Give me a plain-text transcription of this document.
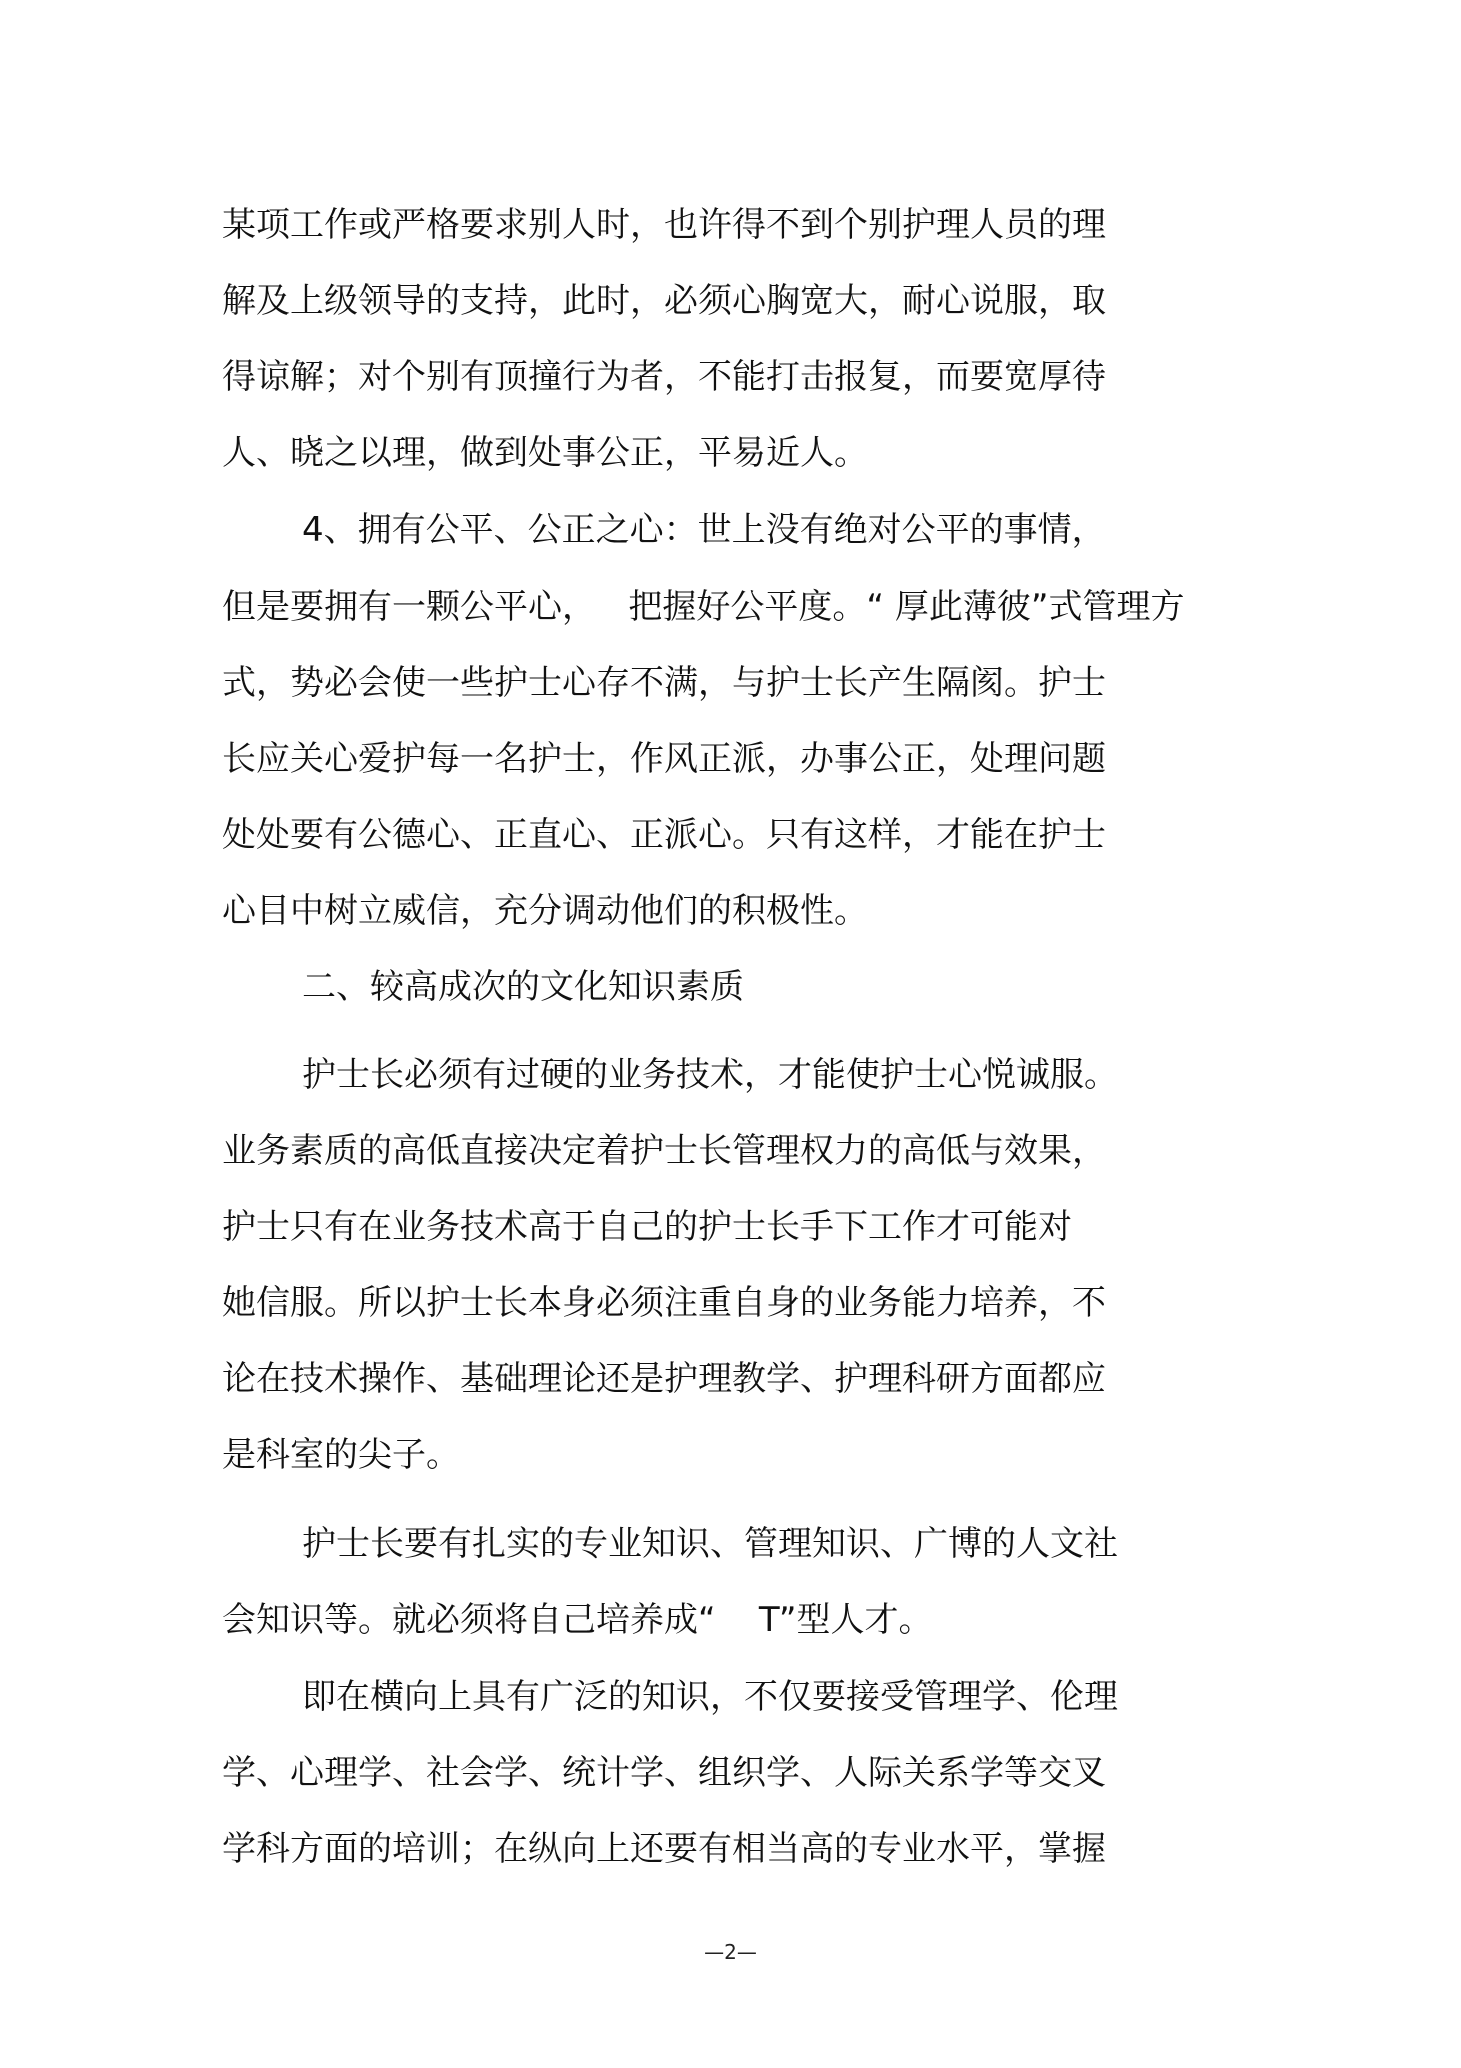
某项工作或严格要求别人时，也许得不到个别护理人员的理
解及上级领导的支持，此时，必须心胸宽大，耐心说服，取
得谅解；对个别有顶撞行为者，不能打击报复，而要宽厚待
人、晓之以理，做到处事公正，平易近人。
4、拥有公平、公正之心：世上没有绝对公平的事情，
但是要拥有一颗公平心，   把握好公平度。“ 厚此薄彼”式管理方
式，势必会使一些护士心存不满，与护士长产生隔阂。护士
长应关心爱护每一名护士，作风正派，办事公正，处理问题
处处要有公德心、正直心、正派心。只有这样，才能在护士
心目中树立威信，充分调动他们的积极性。
二、较高成次的文化知识素质
护士长必须有过硬的业务技术，才能使护士心悦诚服。
业务素质的高低直接决定着护士长管理权力的高低与效果，
护士只有在业务技术高于自己的护士长手下工作才可能对
她信服。所以护士长本身必须注重自身的业务能力培养，不
论在技术操作、基础理论还是护理教学、护理科研方面都应
是科室的尖子。
护士长要有扎实的专业知识、管理知识、广博的人文社
会知识等。就必须将自己培养成“    T”型人才。
即在横向上具有广泛的知识，不仅要接受管理学、伦理
学、心理学、社会学、统计学、组织学、人际关系学等交叉
学科方面的培训；在纵向上还要有相当高的专业水平，掌握
—2—
